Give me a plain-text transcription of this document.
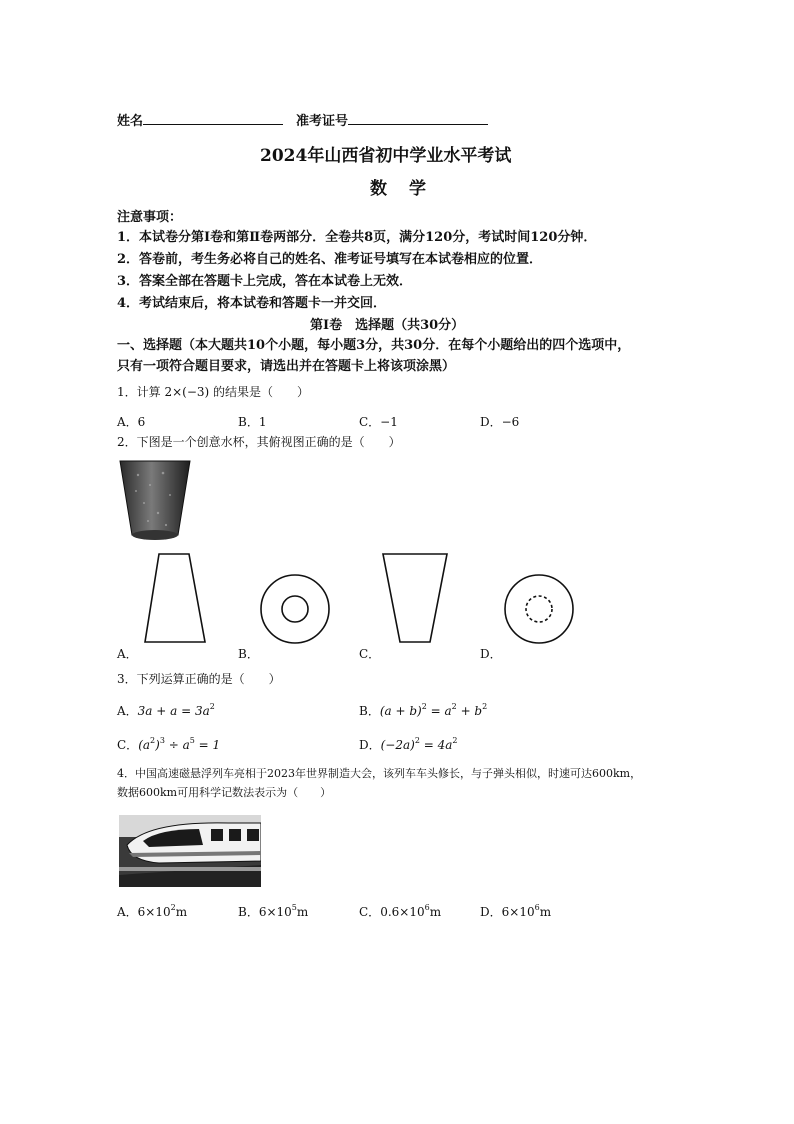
姓名	准考证号
2024年山西省初中学业水平考试
数学
注意事项：
1．本试卷分第Ⅰ卷和第Ⅱ卷两部分．全卷共8页，满分120分，考试时间120分钟．
2．答卷前，考生务必将自己的姓名、准考证号填写在本试卷相应的位置．
3．答案全部在答题卡上完成，答在本试卷上无效．
4．考试结束后，将本试卷和答题卡一并交回．
第Ⅰ卷　选择题（共30分）
一、选择题（本大题共10个小题，每小题3分，共30分．在每个小题给出的四个选项中，
只有一项符合题目要求，请选出并在答题卡上将该项涂黑）
1．计算 2×(−3) 的结果是（　　）
A．6	B．1	C．−1	D．−6
2．下图是一个创意水杯，其俯视图正确的是（　　）
A．	B．	C．	D．
3．下列运算正确的是（　　）
A．$3a + a = 3a^2$	B．$(a + b)^2 = a^2 + b^2$
C．$(a^2)^3 \div a^5 = 1$	D．$(-2a)^2 = 4a^2$
4．中国高速磁悬浮列车亮相于2023年世界制造大会，该列车车头修长，与子弹头相似，时速可达600km，
数据600km可用科学记数法表示为（　　）
A．$6\times 10^2m$	B．$6\times 10^5m$	C．$0.6\times 10^6m$	D．$6\times 10^6m$
